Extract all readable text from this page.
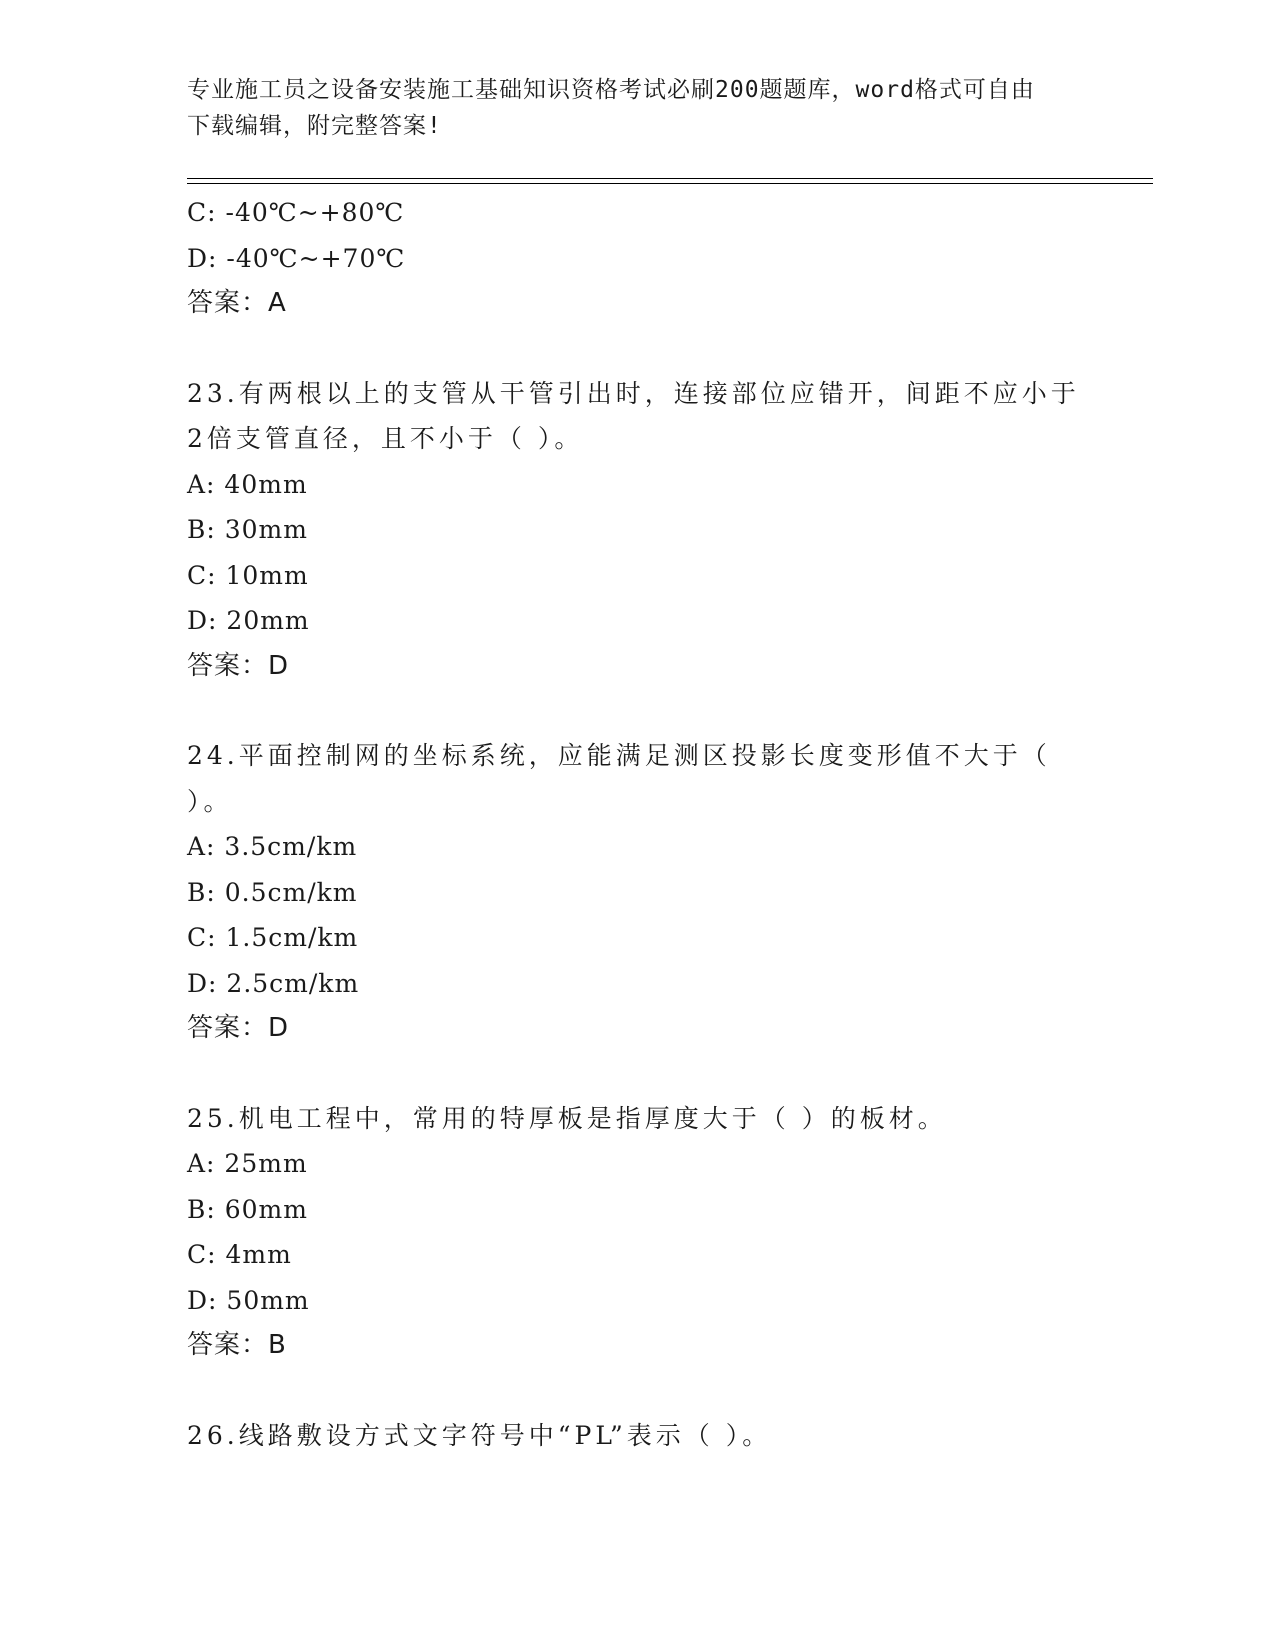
专业施工员之设备安装施工基础知识资格考试必刷200题题库，word格式可自由
下载编辑，附完整答案!
C: -40℃~+80℃
D: -40℃~+70℃
答案：A
23.有两根以上的支管从干管引出时，连接部位应错开，间距不应小于
2倍支管直径，且不小于（ ）。
A: 40mm
B: 30mm
C: 10mm
D: 20mm
答案：D
24.平面控制网的坐标系统，应能满足测区投影长度变形值不大于（
）。
A: 3.5cm/km
B: 0.5cm/km
C: 1.5cm/km
D: 2.5cm/km
答案：D
25.机电工程中，常用的特厚板是指厚度大于（ ）的板材。
A: 25mm
B: 60mm
C: 4mm
D: 50mm
答案：B
26.线路敷设方式文字符号中“PL”表示（ ）。
